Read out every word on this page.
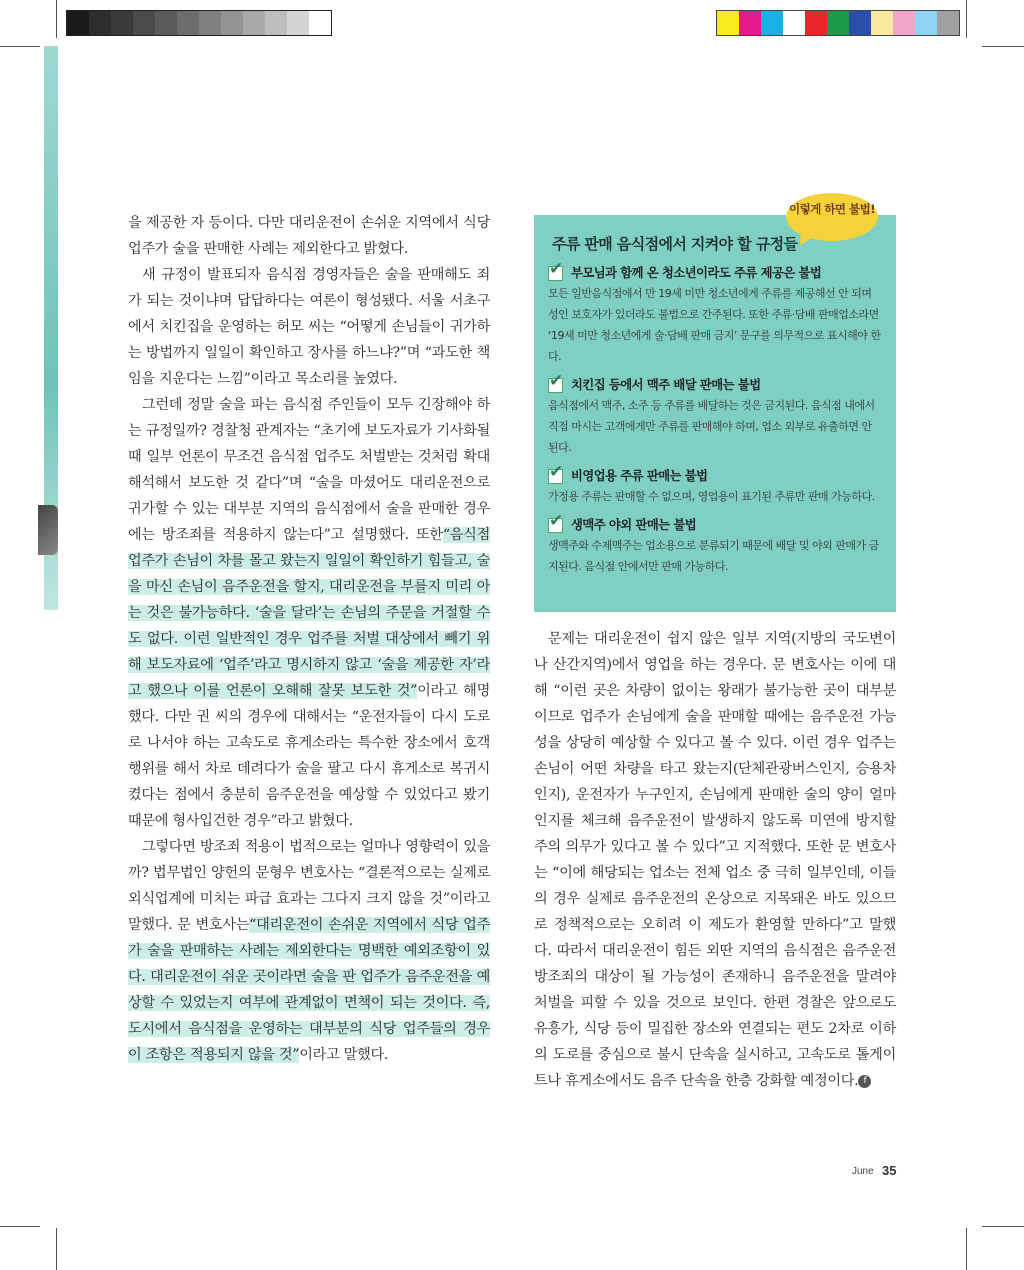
을 제공한 자 등이다. 다만 대리운전이 손쉬운 지역에서 식당 업주가 술을 판매한 사례는 제외한다고 밝혔다.

새 규정이 발표되자 음식점 경영자들은 술을 판매해도 죄가 되는 것이냐며 답답하다는 여론이 형성됐다. 서울 서초구에서 치킨집을 운영하는 허모 씨는 “어떻게 손님들이 귀가하는 방법까지 일일이 확인하고 장사를 하느냐?”며 “과도한 책임을 지운다는 느낌”이라고 목소리를 높였다.

그런데 정말 술을 파는 음식점 주인들이 모두 긴장해야 하는 규정일까? 경찰청 관계자는 “초기에 보도자료가 기사화될 때 일부 언론이 무조건 음식점 업주도 처벌받는 것처럼 확대해석해서 보도한 것 같다”며 “술을 마셨어도 대리운전으로 귀가할 수 있는 대부분 지역의 음식점에서 술을 판매한 경우에는 방조죄를 적용하지 않는다”고 설명했다. 또한“음식점 업주가 손님이 차를 몰고 왔는지 일일이 확인하기 힘들고, 술을 마신 손님이 음주운전을 할지, 대리운전을 부를지 미리 아는 것은 불가능하다. ‘술을 달라’는 손님의 주문을 거절할 수도 없다. 이런 일반적인 경우 업주를 처벌 대상에서 빼기 위해 보도자료에 ‘업주’라고 명시하지 않고 ‘술을 제공한 자’라고 했으나 이를 언론이 오해해 잘못 보도한 것”이라고 해명했다. 다만 권 씨의 경우에 대해서는 “운전자들이 다시 도로로 나서야 하는 고속도로 휴게소라는 특수한 장소에서 호객 행위를 해서 차로 데려다가 술을 팔고 다시 휴게소로 복귀시켰다는 점에서 충분히 음주운전을 예상할 수 있었다고 봤기 때문에 형사입건한 경우”라고 밝혔다.

그렇다면 방조죄 적용이 법적으로는 얼마나 영향력이 있을까? 법무법인 양헌의 문형우 변호사는 “결론적으로는 실제로 외식업계에 미치는 파급 효과는 그다지 크지 않을 것”이라고 말했다. 문 변호사는“대리운전이 손쉬운 지역에서 식당 업주가 술을 판매하는 사례는 제외한다는 명백한 예외조항이 있다. 대리운전이 쉬운 곳이라면 술을 판 업주가 음주운전을 예상할 수 있었는지 여부에 관계없이 면책이 되는 것이다. 즉, 도시에서 음식점을 운영하는 대부분의 식당 업주들의 경우 이 조항은 적용되지 않을 것”이라고 말했다.

주류 판매 음식점에서 지켜야 할 규정들
✔
부모님과 함께 온 청소년이라도 주류 제공은 불법
모든 일반음식점에서 만 19세 미만 청소년에게 주류를 제공해선 안 되며 성인 보호자가 있더라도 불법으로 간주된다. 또한 주류·담배 판매업소라면 ‘19세 미만 청소년에게 술·담배 판매 금지’ 문구를 의무적으로 표시해야 한다.
✔
치킨집 등에서 맥주 배달 판매는 불법
음식점에서 맥주, 소주 등 주류를 배달하는 것은 금지된다. 음식점 내에서 직접 마시는 고객에게만 주류를 판매해야 하며, 업소 외부로 유출하면 안 된다.
✔
비영업용 주류 판매는 불법
가정용 주류는 판매할 수 없으며, 영업용이 표기된 주류만 판매 가능하다.
✔
생맥주 야외 판매는 불법
생맥주와 수제맥주는 업소용으로 분류되기 때문에 배달 및 야외 판매가 금지된다. 음식점 안에서만 판매 가능하다.
이렇게 하면 불법!

문제는 대리운전이 쉽지 않은 일부 지역(지방의 국도변이나 산간지역)에서 영업을 하는 경우다. 문 변호사는 이에 대해 “이런 곳은 차량이 없이는 왕래가 불가능한 곳이 대부분이므로 업주가 손님에게 술을 판매할 때에는 음주운전 가능성을 상당히 예상할 수 있다고 볼 수 있다. 이런 경우 업주는 손님이 어떤 차량을 타고 왔는지(단체관광버스인지, 승용차인지), 운전자가 누구인지, 손님에게 판매한 술의 양이 얼마인지를 체크해 음주운전이 발생하지 않도록 미연에 방지할 주의 의무가 있다고 볼 수 있다”고 지적했다. 또한 문 변호사는 “이에 해당되는 업소는 전체 업소 중 극히 일부인데, 이들의 경우 실제로 음주운전의 온상으로 지목돼온 바도 있으므로 정책적으로는 오히려 이 제도가 환영할 만하다”고 말했다. 따라서 대리운전이 힘든 외딴 지역의 음식점은 음주운전 방조죄의 대상이 될 가능성이 존재하니 음주운전을 말려야 처벌을 피할 수 있을 것으로 보인다. 한편 경찰은 앞으로도 유흥가, 식당 등이 밀집한 장소와 연결되는 편도 2차로 이하의 도로를 중심으로 불시 단속을 실시하고, 고속도로 톨게이트나 휴게소에서도 음주 단속을 한층 강화할 예정이다. f

June 35
